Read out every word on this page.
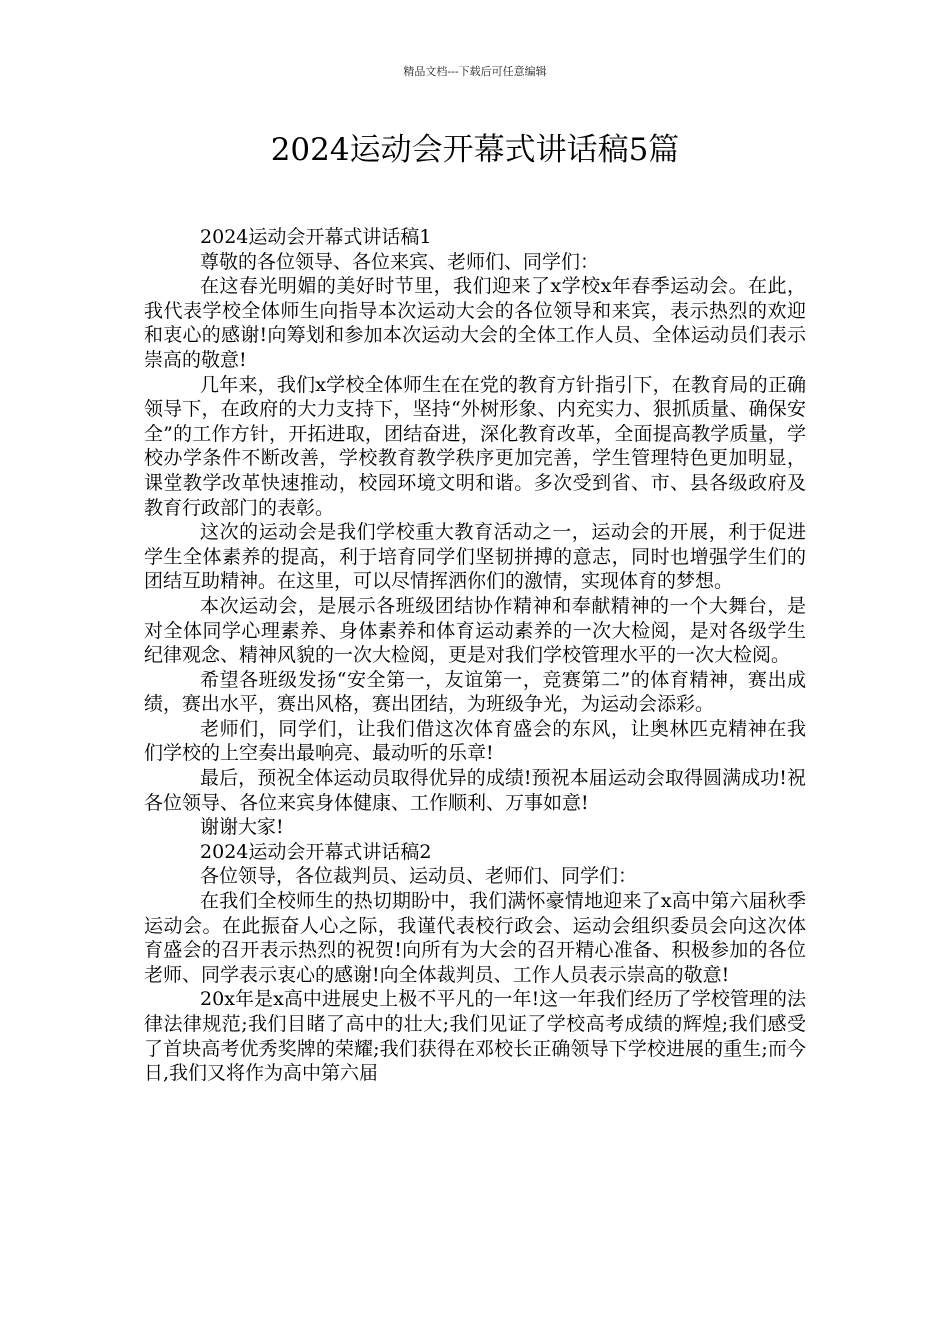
精品文档---下载后可任意编辑
2024运动会开幕式讲话稿5篇

2024运动会开幕式讲话稿1

尊敬的各位领导、各位来宾、老师们、同学们：

在这春光明媚的美好时节里，我们迎来了x学校x年春季运动会。在此，我代表学校全体师生向指导本次运动大会的各位领导和来宾，表示热烈的欢迎和衷心的感谢!向筹划和参加本次运动大会的全体工作人员、全体运动员们表示崇高的敬意!

几年来，我们x学校全体师生在在党的教育方针指引下，在教育局的正确领导下，在政府的大力支持下，坚持“外树形象、内充实力、狠抓质量、确保安全”的工作方针，开拓进取，团结奋进，深化教育改革，全面提高教学质量，学校办学条件不断改善，学校教育教学秩序更加完善，学生管理特色更加明显，课堂教学改革快速推动，校园环境文明和谐。多次受到省、市、县各级政府及教育行政部门的表彰。

这次的运动会是我们学校重大教育活动之一，运动会的开展，利于促进学生全体素养的提高，利于培育同学们坚韧拼搏的意志，同时也增强学生们的团结互助精神。在这里，可以尽情挥洒你们的激情，实现体育的梦想。

本次运动会，是展示各班级团结协作精神和奉献精神的一个大舞台，是对全体同学心理素养、身体素养和体育运动素养的一次大检阅，是对各级学生纪律观念、精神风貌的一次大检阅，更是对我们学校管理水平的一次大检阅。

希望各班级发扬“安全第一，友谊第一，竞赛第二”的体育精神，赛出成绩，赛出水平，赛出风格，赛出团结，为班级争光，为运动会添彩。

老师们，同学们，让我们借这次体育盛会的东风，让奥林匹克精神在我们学校的上空奏出最响亮、最动听的乐章!

最后，预祝全体运动员取得优异的成绩!预祝本届运动会取得圆满成功!祝各位领导、各位来宾身体健康、工作顺利、万事如意!

谢谢大家!

2024运动会开幕式讲话稿2

各位领导，各位裁判员、运动员、老师们、同学们：

在我们全校师生的热切期盼中，我们满怀豪情地迎来了x高中第六届秋季运动会。在此振奋人心之际，我谨代表校行政会、运动会组织委员会向这次体育盛会的召开表示热烈的祝贺!向所有为大会的召开精心准备、积极参加的各位老师、同学表示衷心的感谢!向全体裁判员、工作人员表示崇高的敬意!

20x年是x高中进展史上极不平凡的一年!这一年我们经历了学校管理的法律法律规范;我们目睹了高中的壮大;我们见证了学校高考成绩的辉煌;我们感受了首块高考优秀奖牌的荣耀;我们获得在邓校长正确领导下学校进展的重生;而今日,我们又将作为高中第六届
